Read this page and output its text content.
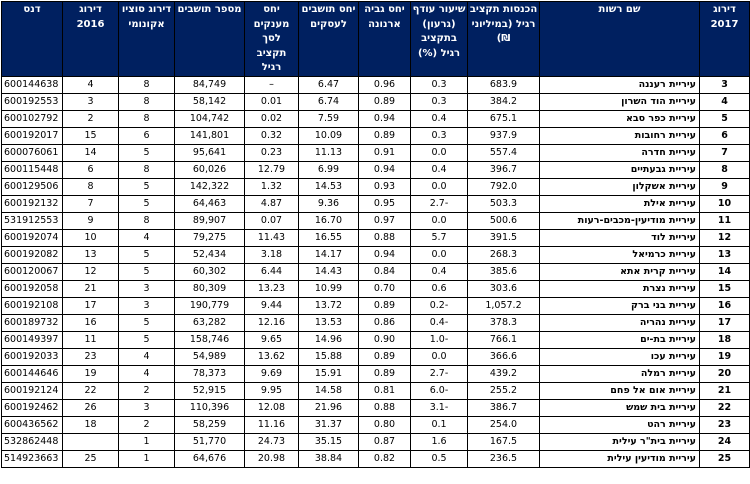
דירוג 2017	שם רשות	הכנסות תקציב רגיל (במיליוני ₪)	שיעור עודף (גרעון) בתקציב רגיל (%)	יחס גביה ארנונה	יחס תושבים לעסקים	יחס מענקים לסך תקציב רגיל	מספר תושבים	דירוג סוציו אקונומי	דירוג 2016	דנס
3	עיריית רעננה	683.9	0.3	0.96	6.47	–	84,749	8	4	600144638
4	עיריית הוד השרון	384.2	0.3	0.89	6.74	0.01	58,142	8	3	600192553
5	עיריית כפר סבא	675.1	0.4	0.94	7.59	0.02	104,742	8	2	600102792
6	עיריית רחובות	937.9	0.3	0.89	10.09	0.32	141,801	6	15	600192017
7	עיריית חדרה	557.4	0.0	0.91	11.13	0.23	95,641	5	14	600076061
8	עיריית גבעתיים	396.7	0.4	0.94	6.99	12.79	60,026	8	6	600115448
9	עיריית אשקלון	792.0	0.0	0.93	14.53	1.32	142,322	5	8	600129506
10	עיריית אילת	503.3	-2.7	0.95	9.36	4.87	64,463	5	7	600192132
11	עיריית מודיעין-מכבים-רעות	500.6	0.0	0.97	16.70	0.07	89,907	8	9	531912553
12	עיריית לוד	391.5	5.7	0.88	16.55	11.43	79,275	4	10	600192074
13	עיריית כרמיאל	268.3	0.0	0.94	14.17	3.18	52,434	5	13	600192082
14	עיריית קרית אתא	385.6	0.4	0.84	14.43	6.44	60,302	5	12	600120067
15	עיריית נצרת	303.6	0.6	0.70	10.99	13.23	80,309	3	21	600192058
16	עיריית בני ברק	1,057.2	-0.2	0.89	13.72	9.44	190,779	3	17	600192108
17	עיריית נהריה	378.3	-0.4	0.86	13.53	12.16	63,282	5	16	600189732
18	עיריית בת-ים	766.1	-1.0	0.90	14.96	9.65	158,746	5	11	600149397
19	עיריית עכו	366.6	0.0	0.89	15.88	13.62	54,989	4	23	600192033
20	עיריית רמלה	439.2	-2.7	0.89	15.91	9.69	78,373	4	19	600144646
21	עיריית אום אל פחם	255.2	-6.0	0.81	14.58	9.95	52,915	2	22	600192124
22	עיריית בית שמש	386.7	-3.1	0.88	21.96	12.08	110,396	3	26	600192462
23	עיריית רהט	254.0	0.1	0.80	31.37	11.16	58,259	2	18	600436562
24	עיריית בית"ר עילית	167.5	1.6	0.87	35.15	24.73	51,770	1		532862448
25	עיריית מודיעין עילית	236.5	0.5	0.82	38.84	20.98	64,676	1	25	514923663
